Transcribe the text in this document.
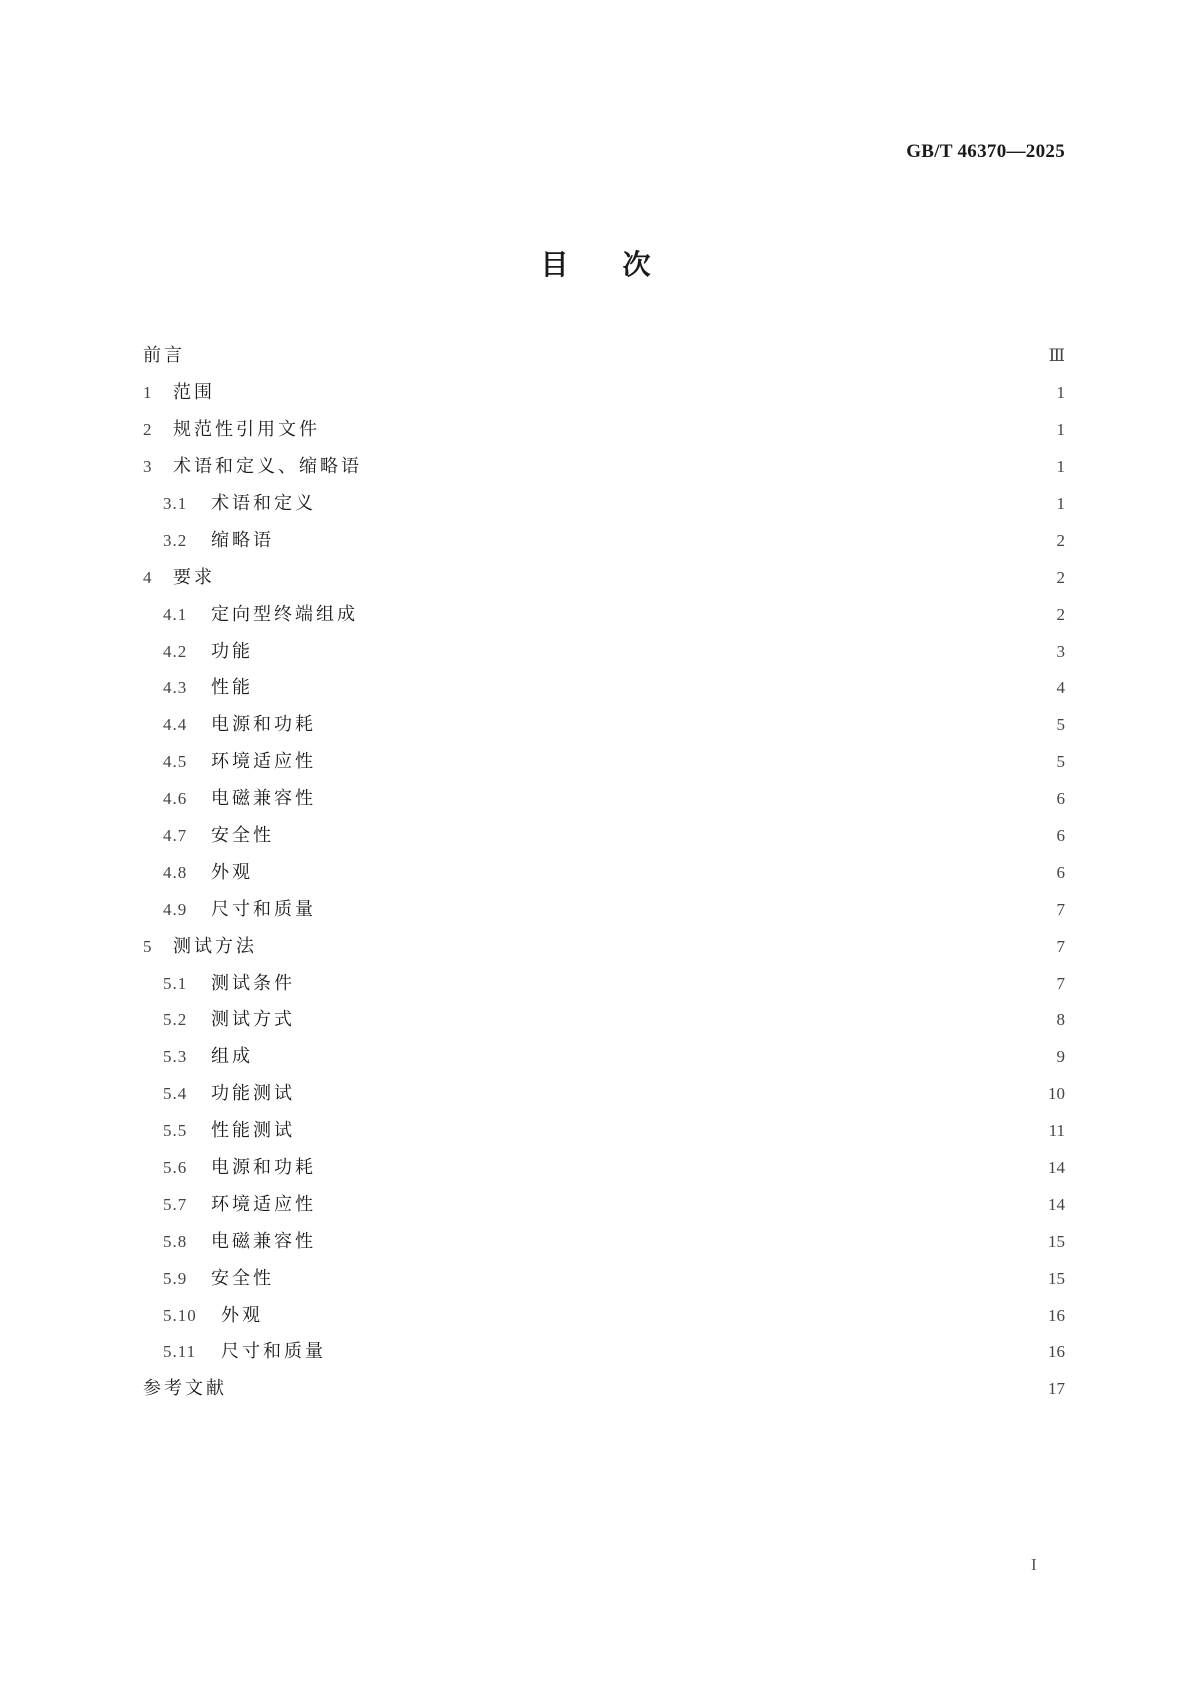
GB/T 46370—2025
目次
前言	Ⅲ
1	范围	1
2	规范性引用文件	1
3	术语和定义、缩略语	1
3.1	术语和定义	1
3.2	缩略语	2
4	要求	2
4.1	定向型终端组成	2
4.2	功能	3
4.3	性能	4
4.4	电源和功耗	5
4.5	环境适应性	5
4.6	电磁兼容性	6
4.7	安全性	6
4.8	外观	6
4.9	尺寸和质量	7
5	测试方法	7
5.1	测试条件	7
5.2	测试方式	8
5.3	组成	9
5.4	功能测试	10
5.5	性能测试	11
5.6	电源和功耗	14
5.7	环境适应性	14
5.8	电磁兼容性	15
5.9	安全性	15
5.10	外观	16
5.11	尺寸和质量	16
参考文献	17
I
